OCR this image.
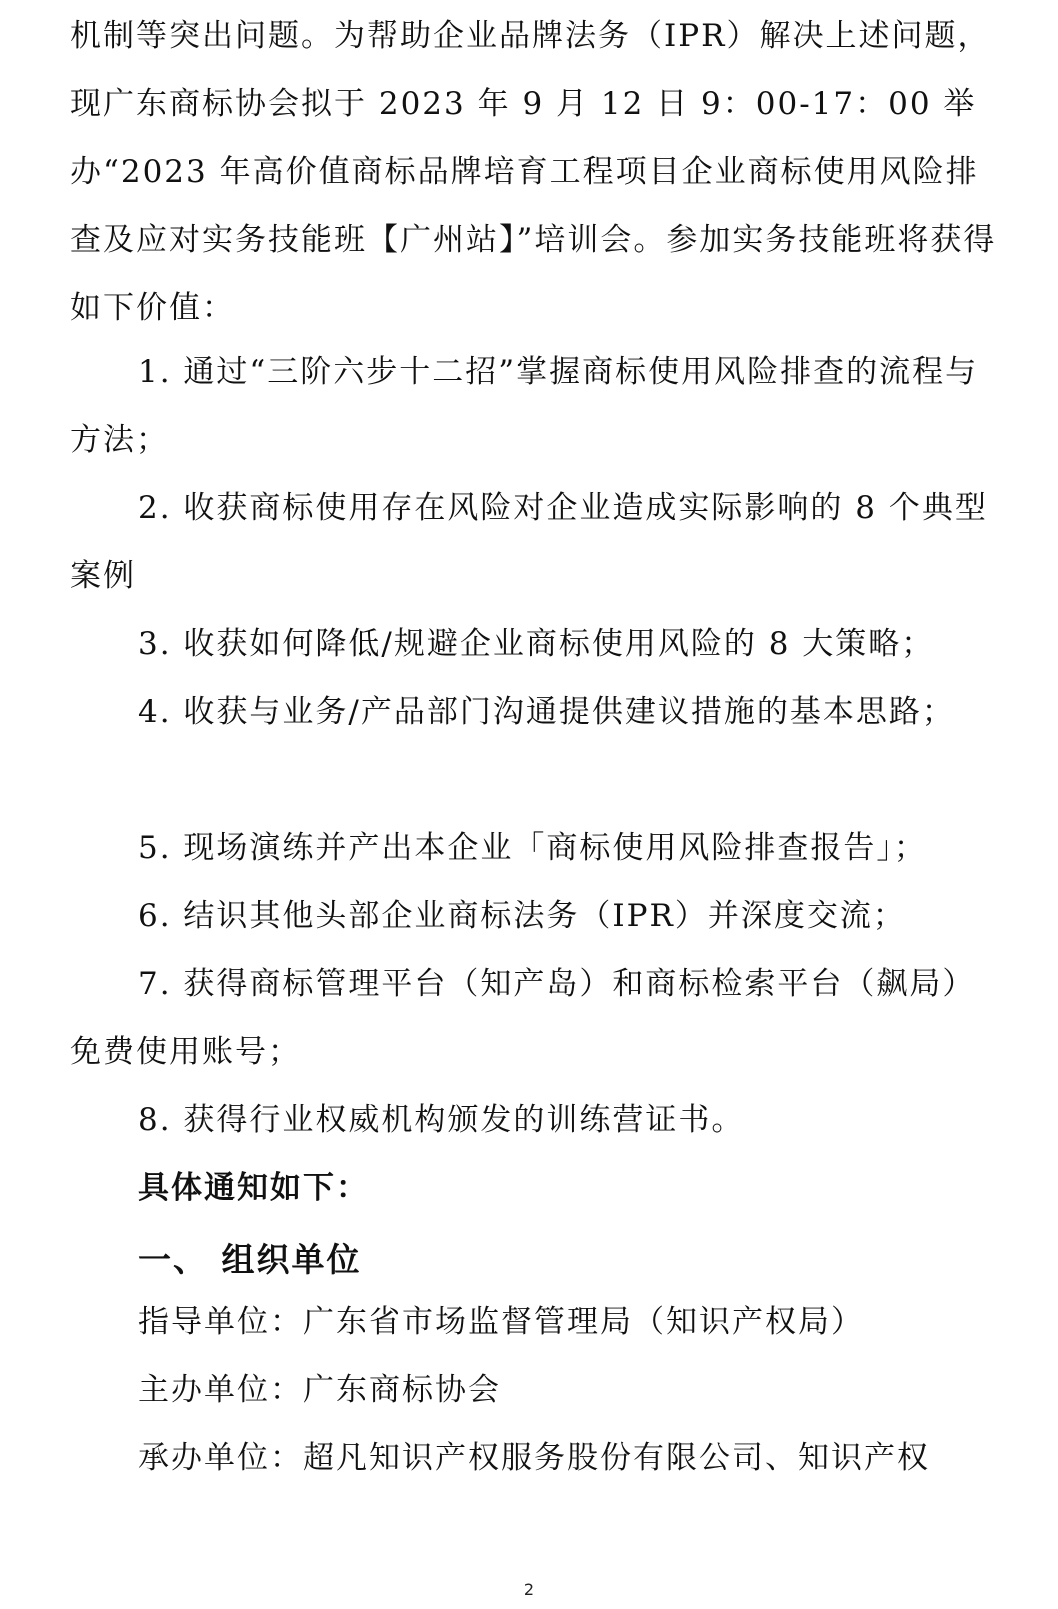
机制等突出问题。为帮助企业品牌法务（IPR）解决上述问题，现广东商标协会拟于 2023 年 9 月 12 日 9：00-17：00 举办“2023 年高价值商标品牌培育工程项目企业商标使用风险排查及应对实务技能班【广州站】”培训会。参加实务技能班将获得如下价值：

1. 通过“三阶六步十二招”掌握商标使用风险排查的流程与方法；

2. 收获商标使用存在风险对企业造成实际影响的 8 个典型案例

3. 收获如何降低/规避企业商标使用风险的 8 大策略；

4. 收获与业务/产品部门沟通提供建议措施的基本思路；

5. 现场演练并产出本企业「商标使用风险排查报告」；

6. 结识其他头部企业商标法务（IPR）并深度交流；

7. 获得商标管理平台（知产岛）和商标检索平台（飙局）免费使用账号；

8. 获得行业权威机构颁发的训练营证书。

具体通知如下：

一、 组织单位

指导单位：广东省市场监督管理局（知识产权局）

主办单位：广东商标协会

承办单位：超凡知识产权服务股份有限公司、知识产权

2
